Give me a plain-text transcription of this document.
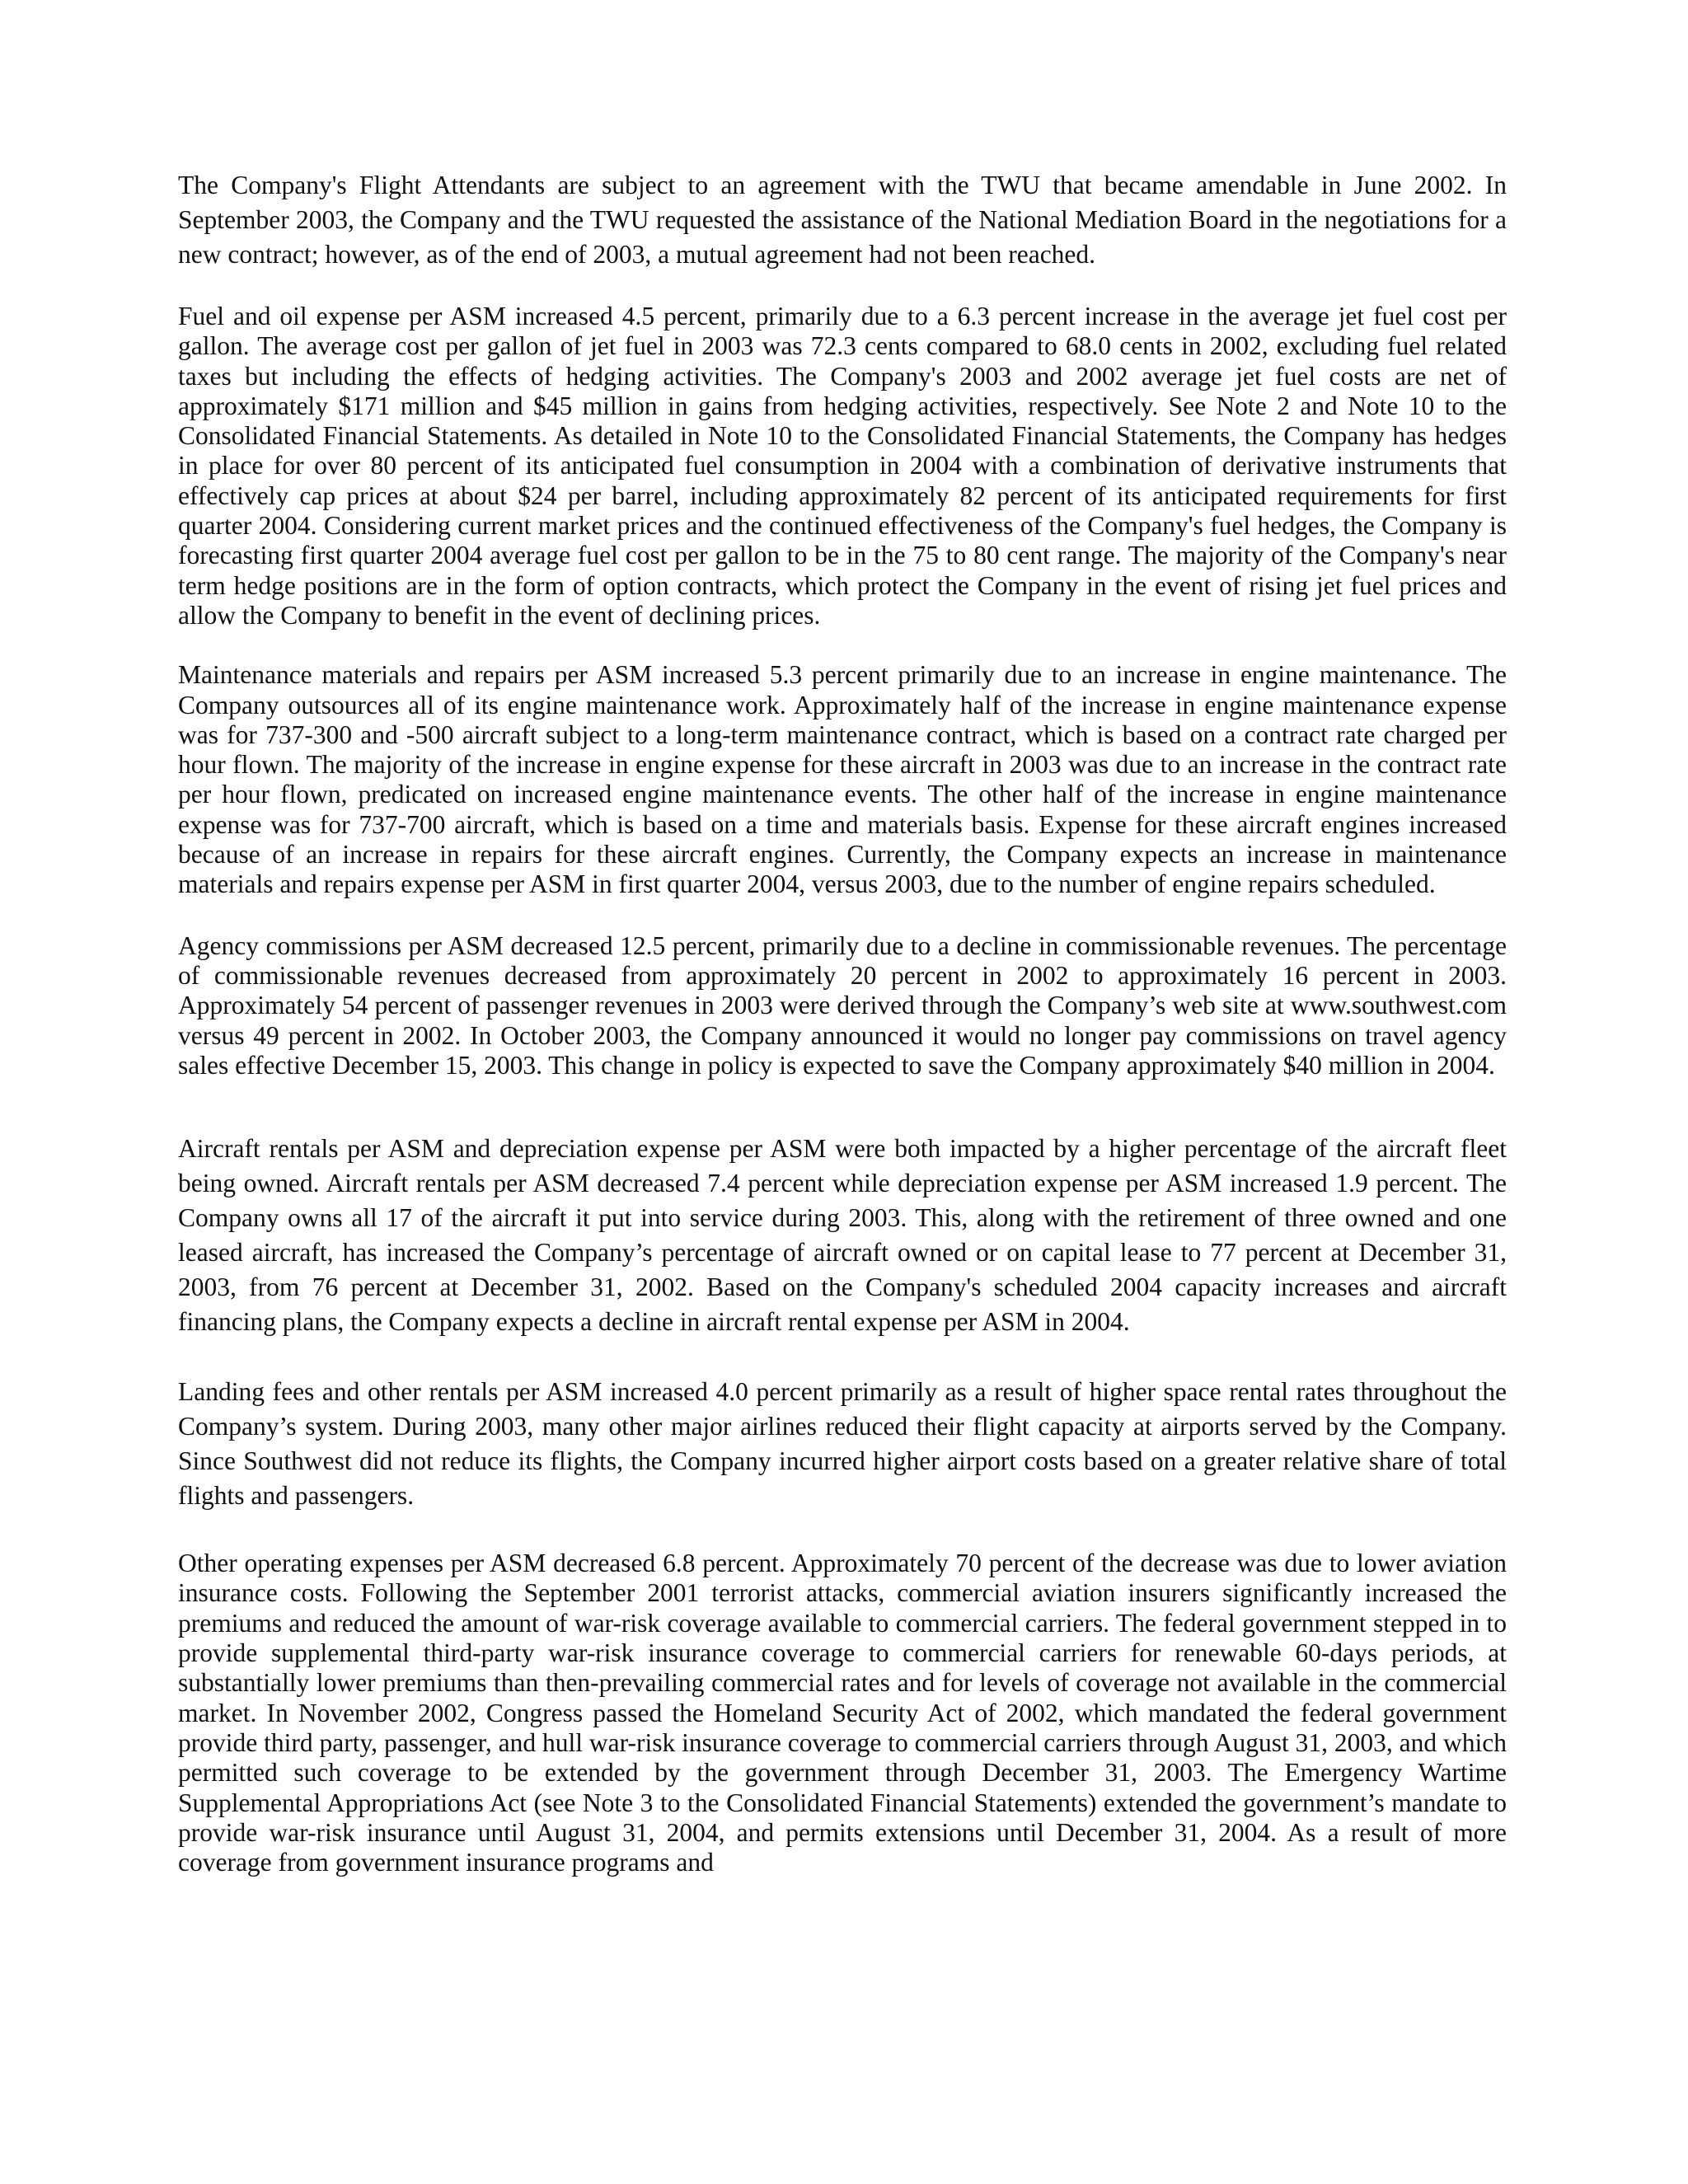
The Company's Flight Attendants are subject to an agreement with the TWU that became amendable in June 2002. In September 2003, the Company and the TWU requested the assistance of the National Mediation Board in the negotiations for a new contract; however, as of the end of 2003, a mutual agreement had not been reached.

Fuel and oil expense per ASM increased 4.5 percent, primarily due to a 6.3 percent increase in the average jet fuel cost per gallon. The average cost per gallon of jet fuel in 2003 was 72.3 cents compared to 68.0 cents in 2002, excluding fuel related taxes but including the effects of hedging activities. The Company's 2003 and 2002 average jet fuel costs are net of approximately $171 million and $45 million in gains from hedging activities, respectively. See Note 2 and Note 10 to the Consolidated Financial Statements. As detailed in Note 10 to the Consolidated Financial Statements, the Company has hedges in place for over 80 percent of its anticipated fuel consumption in 2004 with a combination of derivative instruments that effectively cap prices at about $24 per barrel, including approximately 82 percent of its anticipated requirements for first quarter 2004. Considering current market prices and the continued effectiveness of the Company's fuel hedges, the Company is forecasting first quarter 2004 average fuel cost per gallon to be in the 75 to 80 cent range. The majority of the Company's near term hedge positions are in the form of option contracts, which protect the Company in the event of rising jet fuel prices and allow the Company to benefit in the event of declining prices.

Maintenance materials and repairs per ASM increased 5.3 percent primarily due to an increase in engine maintenance. The Company outsources all of its engine maintenance work. Approximately half of the increase in engine maintenance expense was for 737-300 and -500 aircraft subject to a long-term maintenance contract, which is based on a contract rate charged per hour flown. The majority of the increase in engine expense for these aircraft in 2003 was due to an increase in the contract rate per hour flown, predicated on increased engine maintenance events. The other half of the increase in engine maintenance expense was for 737-700 aircraft, which is based on a time and materials basis. Expense for these aircraft engines increased because of an increase in repairs for these aircraft engines. Currently, the Company expects an increase in maintenance materials and repairs expense per ASM in first quarter 2004, versus 2003, due to the number of engine repairs scheduled.

Agency commissions per ASM decreased 12.5 percent, primarily due to a decline in commissionable revenues. The percentage of commissionable revenues decreased from approximately 20 percent in 2002 to approximately 16 percent in 2003. Approximately 54 percent of passenger revenues in 2003 were derived through the Company’s web site at www.southwest.com versus 49 percent in 2002. In October 2003, the Company announced it would no longer pay commissions on travel agency sales effective December 15, 2003. This change in policy is expected to save the Company approximately $40 million in 2004.

Aircraft rentals per ASM and depreciation expense per ASM were both impacted by a higher percentage of the aircraft fleet being owned. Aircraft rentals per ASM decreased 7.4 percent while depreciation expense per ASM increased 1.9 percent. The Company owns all 17 of the aircraft it put into service during 2003. This, along with the retirement of three owned and one leased aircraft, has increased the Company’s percentage of aircraft owned or on capital lease to 77 percent at December 31, 2003, from 76 percent at December 31, 2002. Based on the Company's scheduled 2004 capacity increases and aircraft financing plans, the Company expects a decline in aircraft rental expense per ASM in 2004.

Landing fees and other rentals per ASM increased 4.0 percent primarily as a result of higher space rental rates throughout the Company’s system. During 2003, many other major airlines reduced their flight capacity at airports served by the Company. Since Southwest did not reduce its flights, the Company incurred higher airport costs based on a greater relative share of total flights and passengers.

Other operating expenses per ASM decreased 6.8 percent. Approximately 70 percent of the decrease was due to lower aviation insurance costs. Following the September 2001 terrorist attacks, commercial aviation insurers significantly increased the premiums and reduced the amount of war-risk coverage available to commercial carriers. The federal government stepped in to provide supplemental third-party war-risk insurance coverage to commercial carriers for renewable 60-days periods, at substantially lower premiums than then-prevailing commercial rates and for levels of coverage not available in the commercial market. In November 2002, Congress passed the Homeland Security Act of 2002, which mandated the federal government provide third party, passenger, and hull war-risk insurance coverage to commercial carriers through August 31, 2003, and which permitted such coverage to be extended by the government through December 31, 2003. The Emergency Wartime Supplemental Appropriations Act (see Note 3 to the Consolidated Financial Statements) extended the government’s mandate to provide war-risk insurance until August 31, 2004, and permits extensions until December 31, 2004. As a result of more coverage from government insurance programs and
